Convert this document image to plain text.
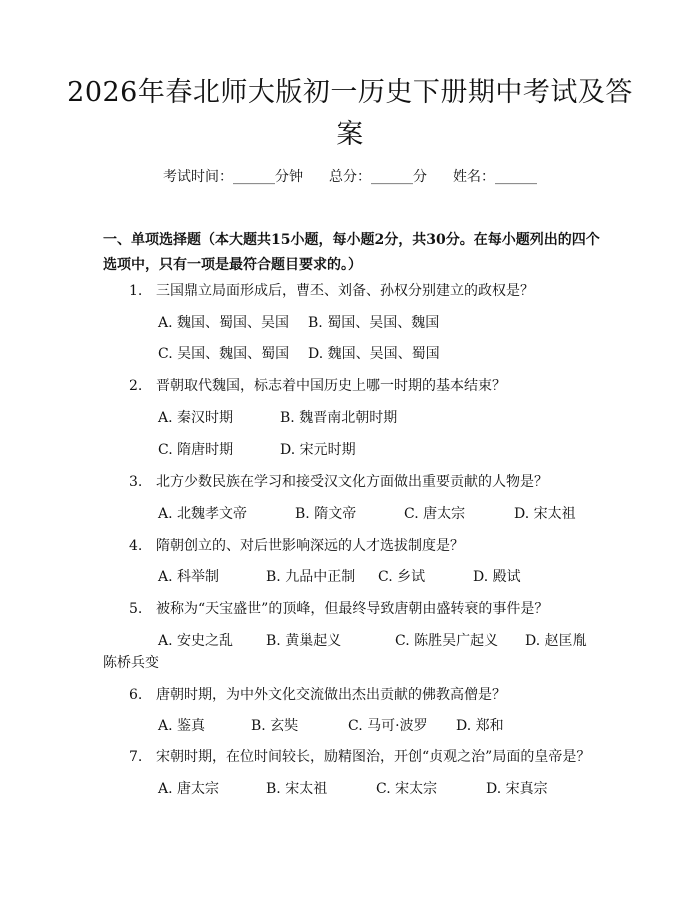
2026年春北师大版初一历史下册期中考试及答案
考试时间：______分钟 总分：______分 姓名：______
一、单项选择题（本大题共15小题，每小题2分，共30分。在每小题列出的四个选项中，只有一项是最符合题目要求的。）
1. 三国鼎立局面形成后，曹丕、刘备、孙权分别建立的政权是？
A. 魏国、蜀国、吴国 B. 蜀国、吴国、魏国
C. 吴国、魏国、蜀国 D. 魏国、吴国、蜀国
2. 晋朝取代魏国，标志着中国历史上哪一时期的基本结束？
A. 秦汉时期	B. 魏晋南北朝时期
C. 隋唐时期	D. 宋元时期
3. 北方少数民族在学习和接受汉文化方面做出重要贡献的人物是？
A. 北魏孝文帝	B. 隋文帝	C. 唐太宗	D. 宋太祖
4. 隋朝创立的、对后世影响深远的人才选拔制度是？
A. 科举制	B. 九品中正制 C. 乡试	D. 殿试
5. 被称为“天宝盛世”的顶峰，但最终导致唐朝由盛转衰的事件是？
A. 安史之乱 B. 黄巢起义	C. 陈胜吴广起义 D. 赵匡胤
陈桥兵变
6. 唐朝时期，为中外文化交流做出杰出贡献的佛教高僧是？
A. 鉴真	B. 玄奘	C. 马可·波罗 D. 郑和
7. 宋朝时期，在位时间较长，励精图治，开创“贞观之治”局面的皇帝是？
A. 唐太宗	B. 宋太祖	C. 宋太宗	D. 宋真宗
